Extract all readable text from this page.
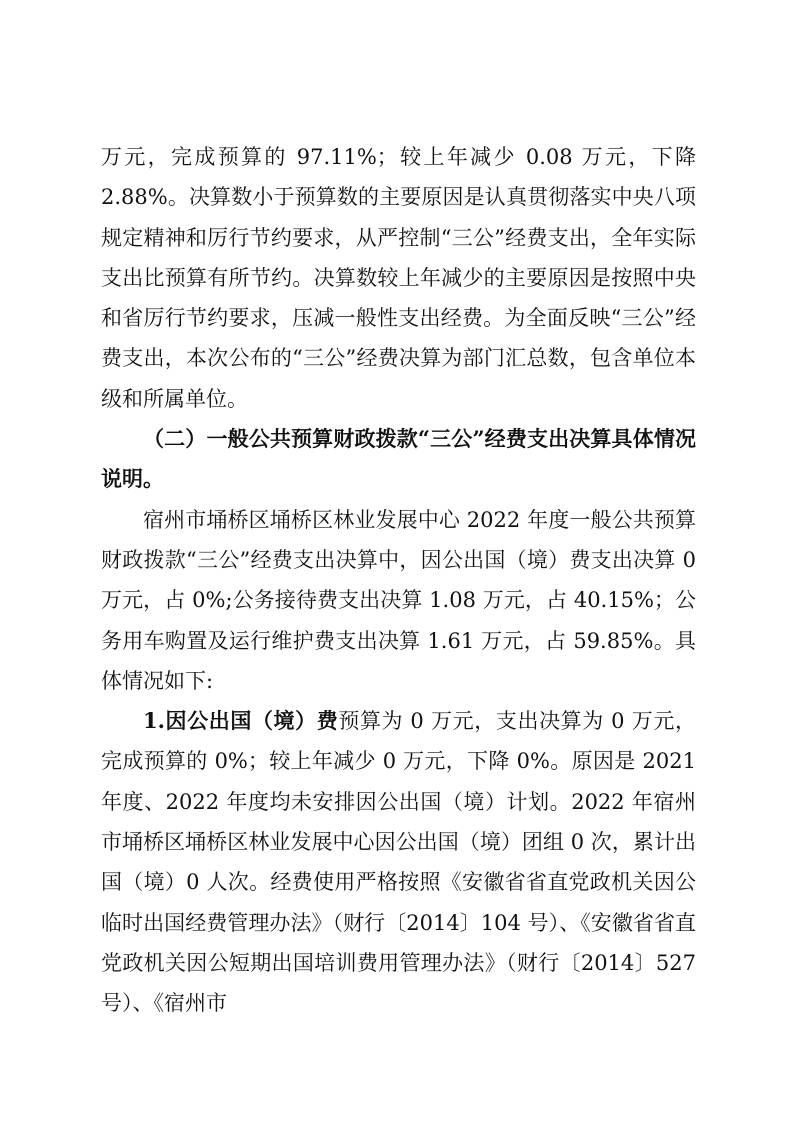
万元，完成预算的 97.11%；较上年减少 0.08 万元，下降 2.88%。决算数小于预算数的主要原因是认真贯彻落实中央八项规定精神和厉行节约要求，从严控制“三公”经费支出，全年实际支出比预算有所节约。决算数较上年减少的主要原因是按照中央和省厉行节约要求，压减一般性支出经费。为全面反映“三公”经费支出，本次公布的“三公”经费决算为部门汇总数，包含单位本级和所属单位。

（二）一般公共预算财政拨款“三公”经费支出决算具体情况说明。

宿州市埇桥区埇桥区林业发展中心 2022 年度一般公共预算财政拨款“三公”经费支出决算中，因公出国（境）费支出决算 0 万元，占 0%;公务接待费支出决算 1.08 万元，占 40.15%；公务用车购置及运行维护费支出决算 1.61 万元，占 59.85%。具体情况如下:

1.因公出国（境）费预算为 0 万元，支出决算为 0 万元，完成预算的 0%；较上年减少 0 万元，下降 0%。原因是 2021 年度、2022 年度均未安排因公出国（境）计划。2022 年宿州市埇桥区埇桥区林业发展中心因公出国（境）团组 0 次，累计出国（境）0 人次。经费使用严格按照《安徽省省直党政机关因公临时出国经费管理办法》（财行〔2014〕104 号）、《安徽省省直党政机关因公短期出国培训费用管理办法》（财行〔2014〕527 号）、《宿州市
